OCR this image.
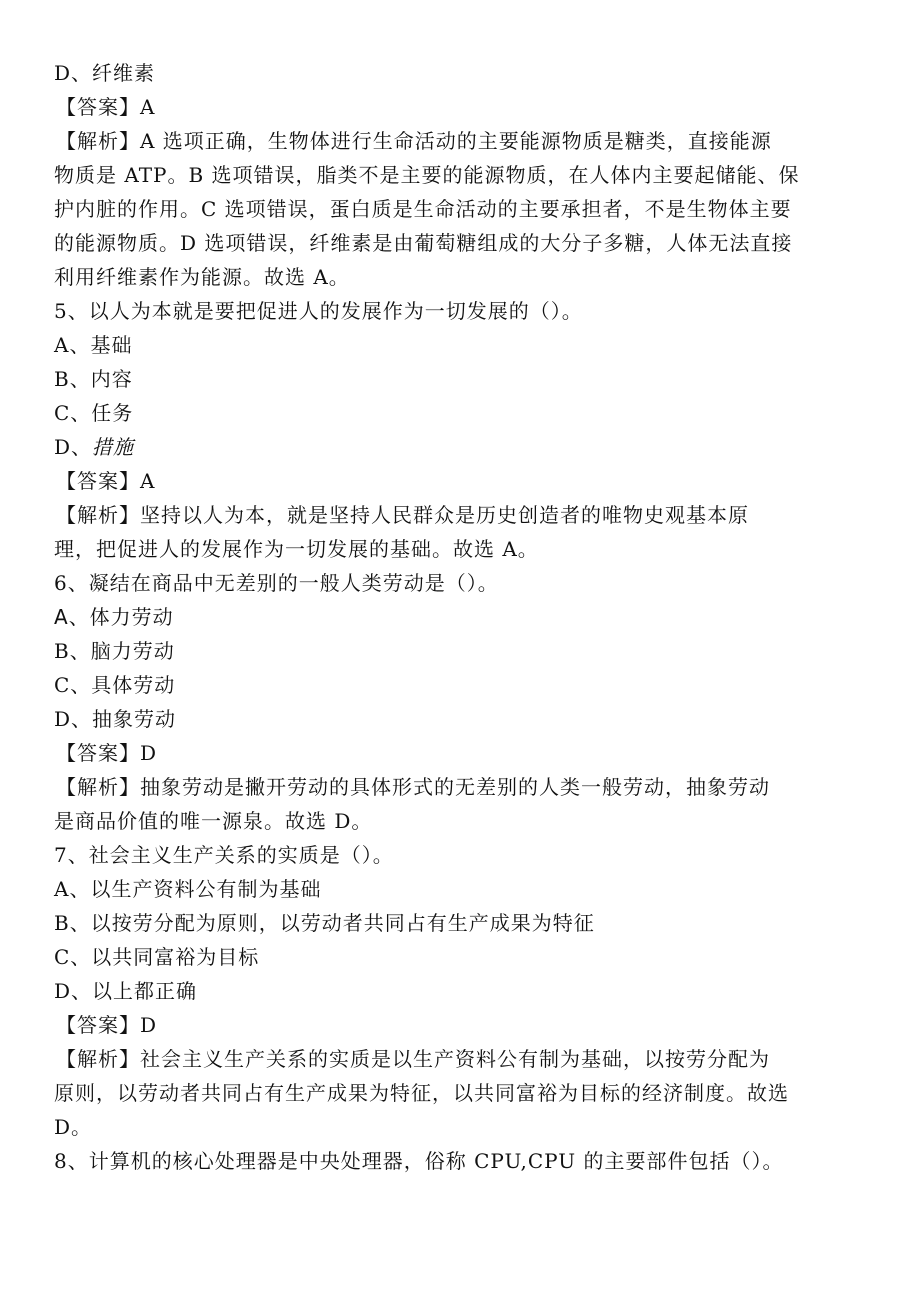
D、纤维素
【答案】A
【解析】A 选项正确，生物体进行生命活动的主要能源物质是糖类，直接能源
物质是 ATP。B 选项错误，脂类不是主要的能源物质，在人体内主要起储能、保
护内脏的作用。C 选项错误，蛋白质是生命活动的主要承担者，不是生物体主要
的能源物质。D 选项错误，纤维素是由葡萄糖组成的大分子多糖，人体无法直接
利用纤维素作为能源。故选 A。
5、以人为本就是要把促进人的发展作为一切发展的（）。
A、基础
B、内容
C、任务
D、措施
【答案】A
【解析】坚持以人为本，就是坚持人民群众是历史创造者的唯物史观基本原
理，把促进人的发展作为一切发展的基础。故选 A。
6、凝结在商品中无差别的一般人类劳动是（）。
A、体力劳动
B、脑力劳动
C、具体劳动
D、抽象劳动
【答案】D
【解析】抽象劳动是撇开劳动的具体形式的无差别的人类一般劳动，抽象劳动
是商品价值的唯一源泉。故选 D。
7、社会主义生产关系的实质是（）。
A、以生产资料公有制为基础
B、以按劳分配为原则，以劳动者共同占有生产成果为特征
C、以共同富裕为目标
D、以上都正确
【答案】D
【解析】社会主义生产关系的实质是以生产资料公有制为基础，以按劳分配为
原则，以劳动者共同占有生产成果为特征，以共同富裕为目标的经济制度。故选
D。
8、计算机的核心处理器是中央处理器，俗称 CPU,CPU 的主要部件包括（）。
